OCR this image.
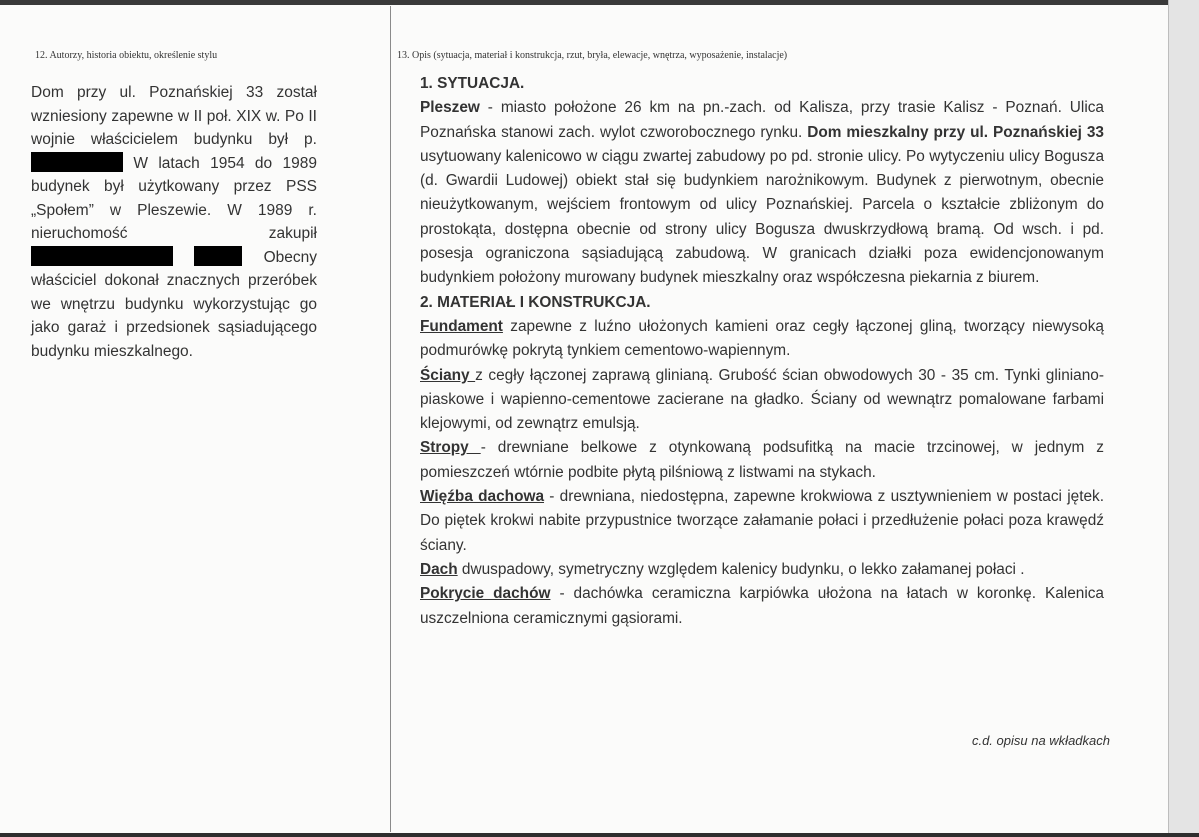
12. Autorzy, historia obiektu, określenie stylu	13. Opis (sytuacja, materiał i konstrukcja, rzut, bryła, elewacje, wnętrza, wyposażenie, instalacje)
Dom przy ul. Poznańskiej 33 został wzniesiony zapewne w II poł. XIX w. Po II wojnie właścicielem budynku był p.  W latach 1954 do 1989 budynek był użytkowany przez PSS „Społem” w Pleszewie. W 1989 r. nieruchomość zakupił   Obecny właściciel dokonał znacznych przeróbek we wnętrzu budynku wykorzystując go jako garaż i przedsionek sąsiadującego budynku mieszkalnego.

1. SYTUACJA.

Pleszew - miasto położone 26 km na pn.-zach. od Kalisza, przy trasie Kalisz - Poznań. Ulica Poznańska stanowi zach. wylot czworobocznego rynku. Dom mieszkalny przy ul. Poznańskiej 33 usytuowany kalenicowo w ciągu zwartej zabudowy po pd. stronie ulicy. Po wytyczeniu ulicy Bogusza (d. Gwardii Ludowej) obiekt stał się budynkiem narożnikowym. Budynek z pierwotnym, obecnie nieużytkowanym, wejściem frontowym od ulicy Poznańskiej. Parcela o kształcie zbliżonym do prostokąta, dostępna obecnie od strony ulicy Bogusza dwuskrzydłową bramą. Od wsch. i pd. posesja ograniczona sąsiadującą zabudową. W granicach działki poza ewidencjonowanym budynkiem położony murowany budynek mieszkalny oraz współczesna piekarnia z biurem.

2. MATERIAŁ I KONSTRUKCJA.

Fundament zapewne z luźno ułożonych kamieni oraz cegły łączonej gliną, tworzący niewysoką podmurówkę pokrytą tynkiem cementowo-wapiennym.

Ściany z cegły łączonej zaprawą glinianą. Grubość ścian obwodowych 30 - 35 cm. Tynki gliniano-piaskowe i wapienno-cementowe zacierane na gładko. Ściany od wewnątrz pomalowane farbami klejowymi, od zewnątrz emulsją.

Stropy - drewniane belkowe z otynkowaną podsufitką na macie trzcinowej, w jednym z pomieszczeń wtórnie podbite płytą pilśniową z listwami na stykach.

Więźba dachowa - drewniana, niedostępna, zapewne krokwiowa z usztywnieniem w postaci jętek. Do piętek krokwi nabite przypustnice tworzące załamanie połaci i przedłużenie połaci poza krawędź ściany.

Dach dwuspadowy, symetryczny względem kalenicy budynku, o lekko załamanej połaci .

Pokrycie dachów - dachówka ceramiczna karpiówka ułożona na łatach w koronkę. Kalenica uszczelniona ceramicznymi gąsiorami.

c.d. opisu na wkładkach
